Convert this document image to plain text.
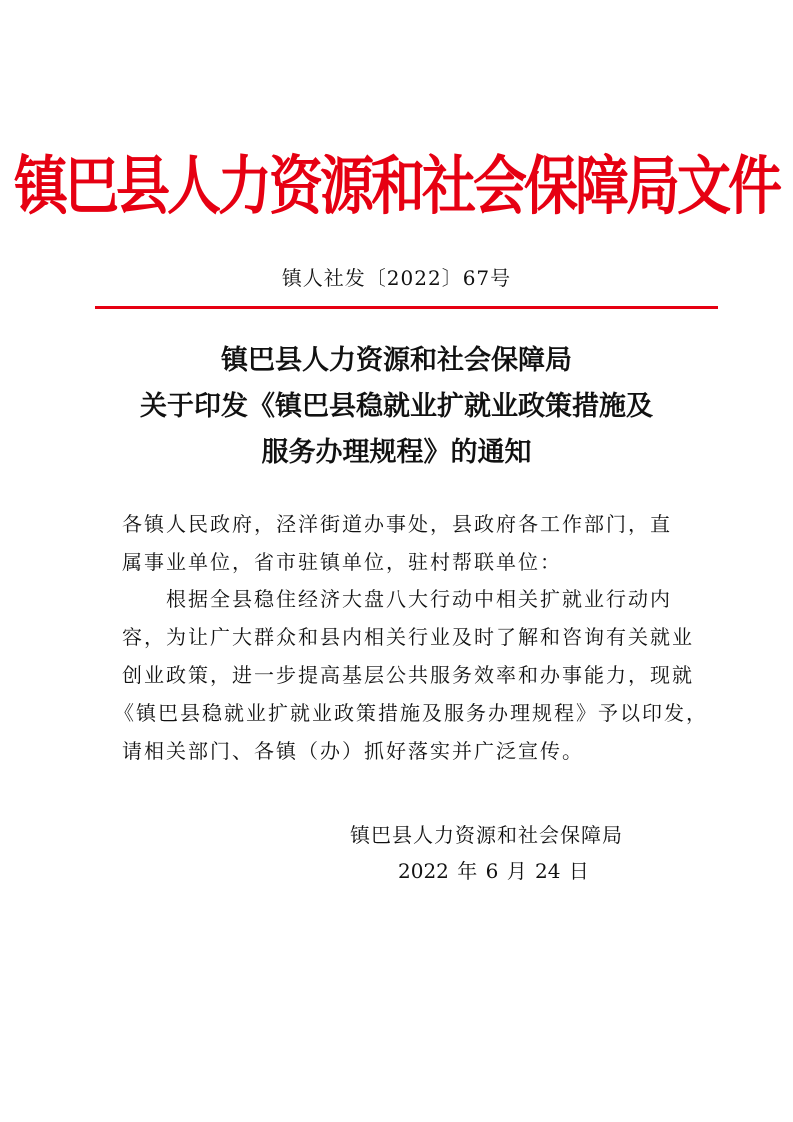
镇巴县人力资源和社会保障局文件
镇人社发〔2022〕67号
镇巴县人力资源和社会保障局
关于印发《镇巴县稳就业扩就业政策措施及
服务办理规程》的通知
各镇人民政府，泾洋街道办事处，县政府各工作部门，直
属事业单位，省市驻镇单位，驻村帮联单位：
根据全县稳住经济大盘八大行动中相关扩就业行动内
容，为让广大群众和县内相关行业及时了解和咨询有关就业
创业政策，进一步提高基层公共服务效率和办事能力，现就
《镇巴县稳就业扩就业政策措施及服务办理规程》予以印发，
请相关部门、各镇（办）抓好落实并广泛宣传。
镇巴县人力资源和社会保障局
2022 年 6 月 24 日
